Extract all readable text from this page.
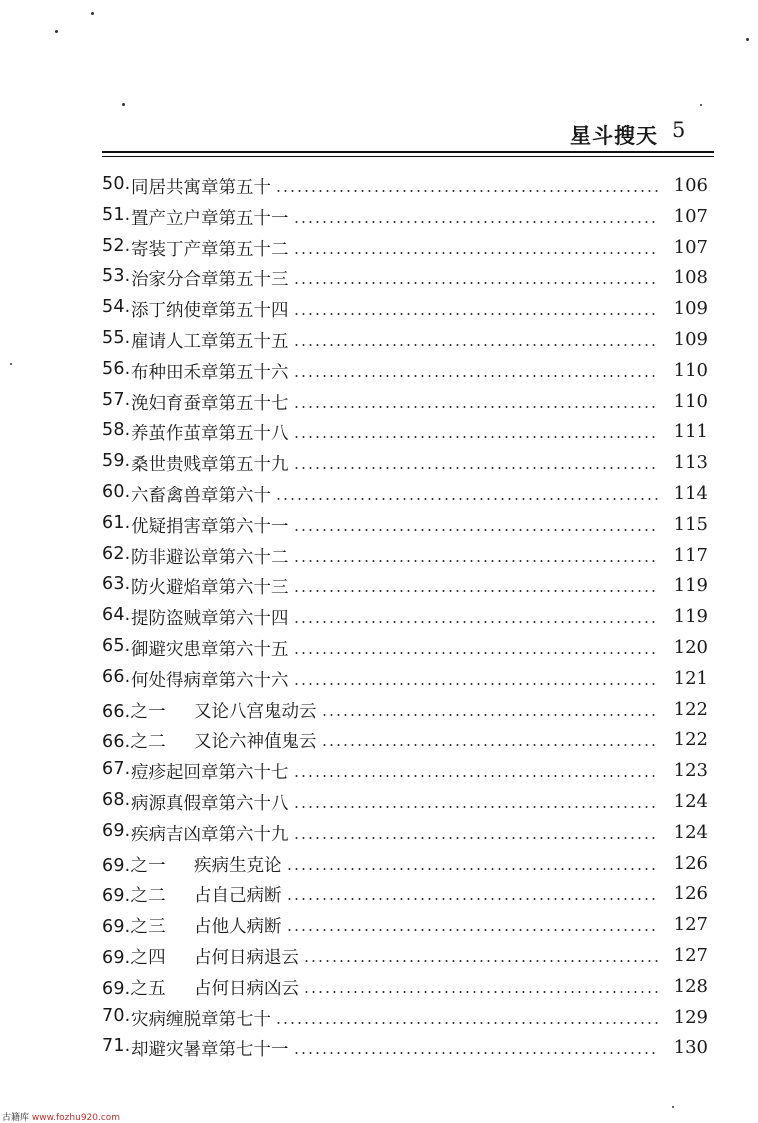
星斗搜天 5
50. 同居共寓章第五十	106
51. 置产立户章第五十一	107
52. 寄装丁产章第五十二	107
53. 治家分合章第五十三	108
54. 添丁纳使章第五十四	109
55. 雇请人工章第五十五	109
56. 布种田禾章第五十六	110
57. 浼妇育蚕章第五十七	110
58. 养茧作茧章第五十八	111
59. 桑世贵贱章第五十九	113
60. 六畜禽兽章第六十	114
61. 优疑捐害章第六十一	115
62. 防非避讼章第六十二	117
63. 防火避焰章第六十三	119
64. 提防盗贼章第六十四	119
65. 御避灾患章第六十五	120
66. 何处得病章第六十六	121
66.之一 又论八宫鬼动云	122
66.之二 又论六神值鬼云	122
67. 痘疹起回章第六十七	123
68. 病源真假章第六十八	124
69. 疾病吉凶章第六十九	124
69.之一 疾病生克论	126
69.之二 占自己病断	126
69.之三 占他人病断	127
69.之四 占何日病退云	127
69.之五 占何日病凶云	128
70. 灾病缠脱章第七十	129
71. 却避灾暑章第七十一	130
古籍库 www.fozhu920.com
